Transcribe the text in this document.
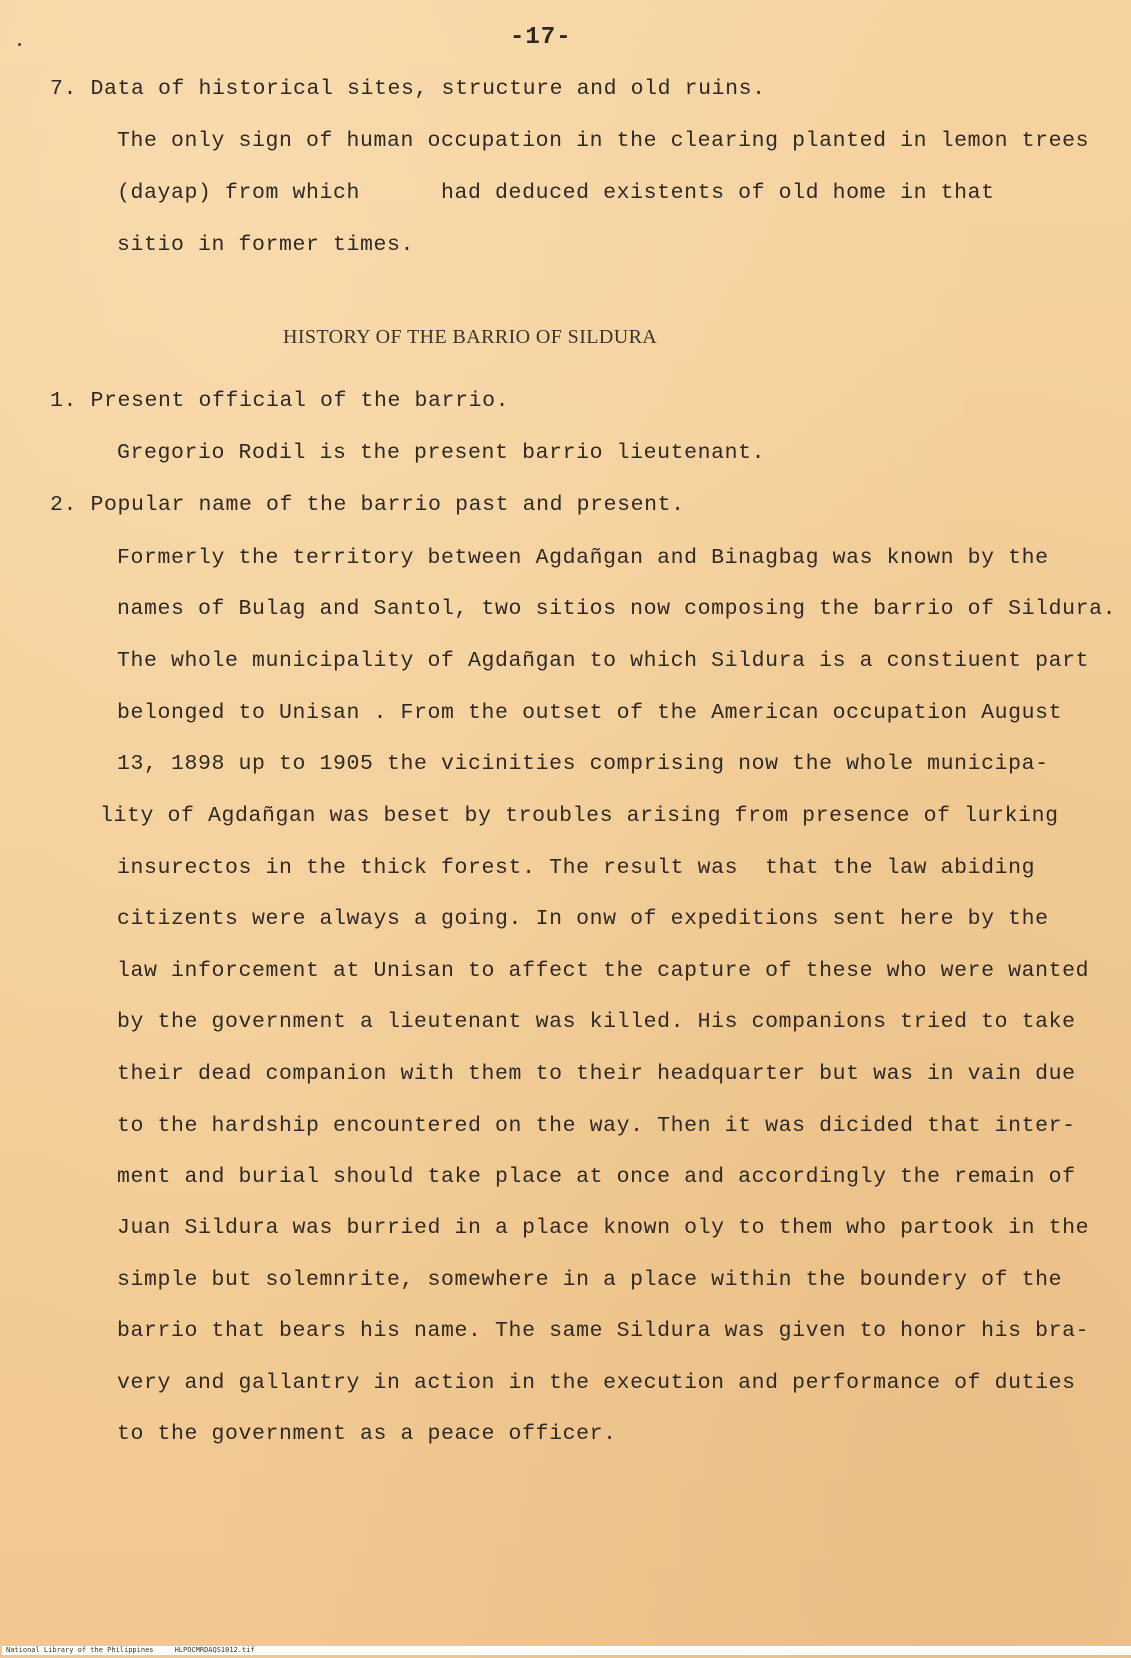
-17-
7. Data of historical sites, structure and old ruins.
The only sign of human occupation in the clearing planted in lemon trees
(dayap) from which      had deduced existents of old home in that
sitio in former times.
HISTORY OF THE BARRIO OF SILDURA
1. Present official of the barrio.
Gregorio Rodil is the present barrio lieutenant.
2. Popular name of the barrio past and present.
Formerly the territory between Agdañgan and Binagbag was known by the
names of Bulag and Santol, two sitios now composing the barrio of Sildura.
The whole municipality of Agdañgan to which Sildura is a constiuent part
belonged to Unisan . From the outset of the American occupation August
13, 1898 up to 1905 the vicinities comprising now the whole municipa-
lity of Agdañgan was beset by troubles arising from presence of lurking
insurectos in the thick forest. The result was  that the law abiding
citizents were always a going. In onw of expeditions sent here by the
law inforcement at Unisan to affect the capture of these who were wanted
by the government a lieutenant was killed. His companions tried to take
their dead companion with them to their headquarter but was in vain due
to the hardship encountered on the way. Then it was dicided that inter-
ment and burial should take place at once and accordingly the remain of
Juan Sildura was burried in a place known oly to them who partook in the
simple but solemnrite, somewhere in a place within the boundery of the
barrio that bears his name. The same Sildura was given to honor his bra-
very and gallantry in action in the execution and performance of duties
to the government as a peace officer.
National Library of the Philippines     HLPOCMRDAQS1012.tif
